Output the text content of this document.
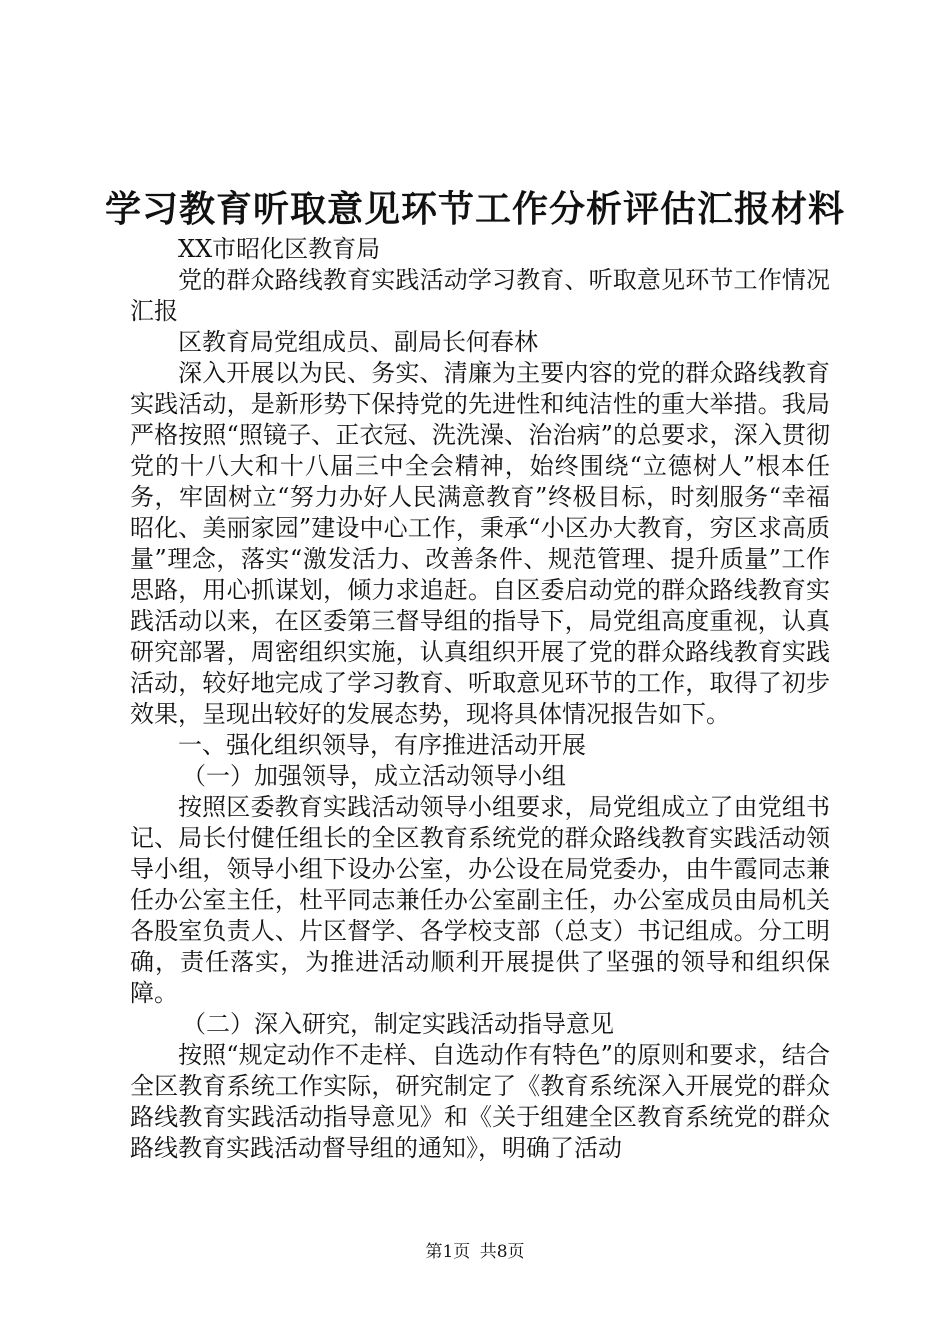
学习教育听取意见环节工作分析评估汇报材料

XX市昭化区教育局

党的群众路线教育实践活动学习教育、听取意见环节工作情况汇报

区教育局党组成员、副局长何春林

深入开展以为民、务实、清廉为主要内容的党的群众路线教育实践活动，是新形势下保持党的先进性和纯洁性的重大举措。我局严格按照“照镜子、正衣冠、洗洗澡、治治病”的总要求，深入贯彻党的十八大和十八届三中全会精神，始终围绕“立德树人”根本任务，牢固树立“努力办好人民满意教育”终极目标，时刻服务“幸福昭化、美丽家园”建设中心工作，秉承“小区办大教育，穷区求高质量”理念，落实“激发活力、改善条件、规范管理、提升质量”工作思路，用心抓谋划，倾力求追赶。自区委启动党的群众路线教育实践活动以来，在区委第三督导组的指导下，局党组高度重视，认真研究部署，周密组织实施，认真组织开展了党的群众路线教育实践活动，较好地完成了学习教育、听取意见环节的工作，取得了初步效果，呈现出较好的发展态势，现将具体情况报告如下。

一、强化组织领导，有序推进活动开展

（一）加强领导，成立活动领导小组

按照区委教育实践活动领导小组要求，局党组成立了由党组书记、局长付健任组长的全区教育系统党的群众路线教育实践活动领导小组，领导小组下设办公室，办公设在局党委办，由牛霞同志兼任办公室主任，杜平同志兼任办公室副主任，办公室成员由局机关各股室负责人、片区督学、各学校支部（总支）书记组成。分工明确，责任落实，为推进活动顺利开展提供了坚强的领导和组织保障。

（二）深入研究，制定实践活动指导意见

按照“规定动作不走样、自选动作有特色”的原则和要求，结合全区教育系统工作实际，研究制定了《教育系统深入开展党的群众路线教育实践活动指导意见》和《关于组建全区教育系统党的群众路线教育实践活动督导组的通知》，明确了活动

第1页 共8页
